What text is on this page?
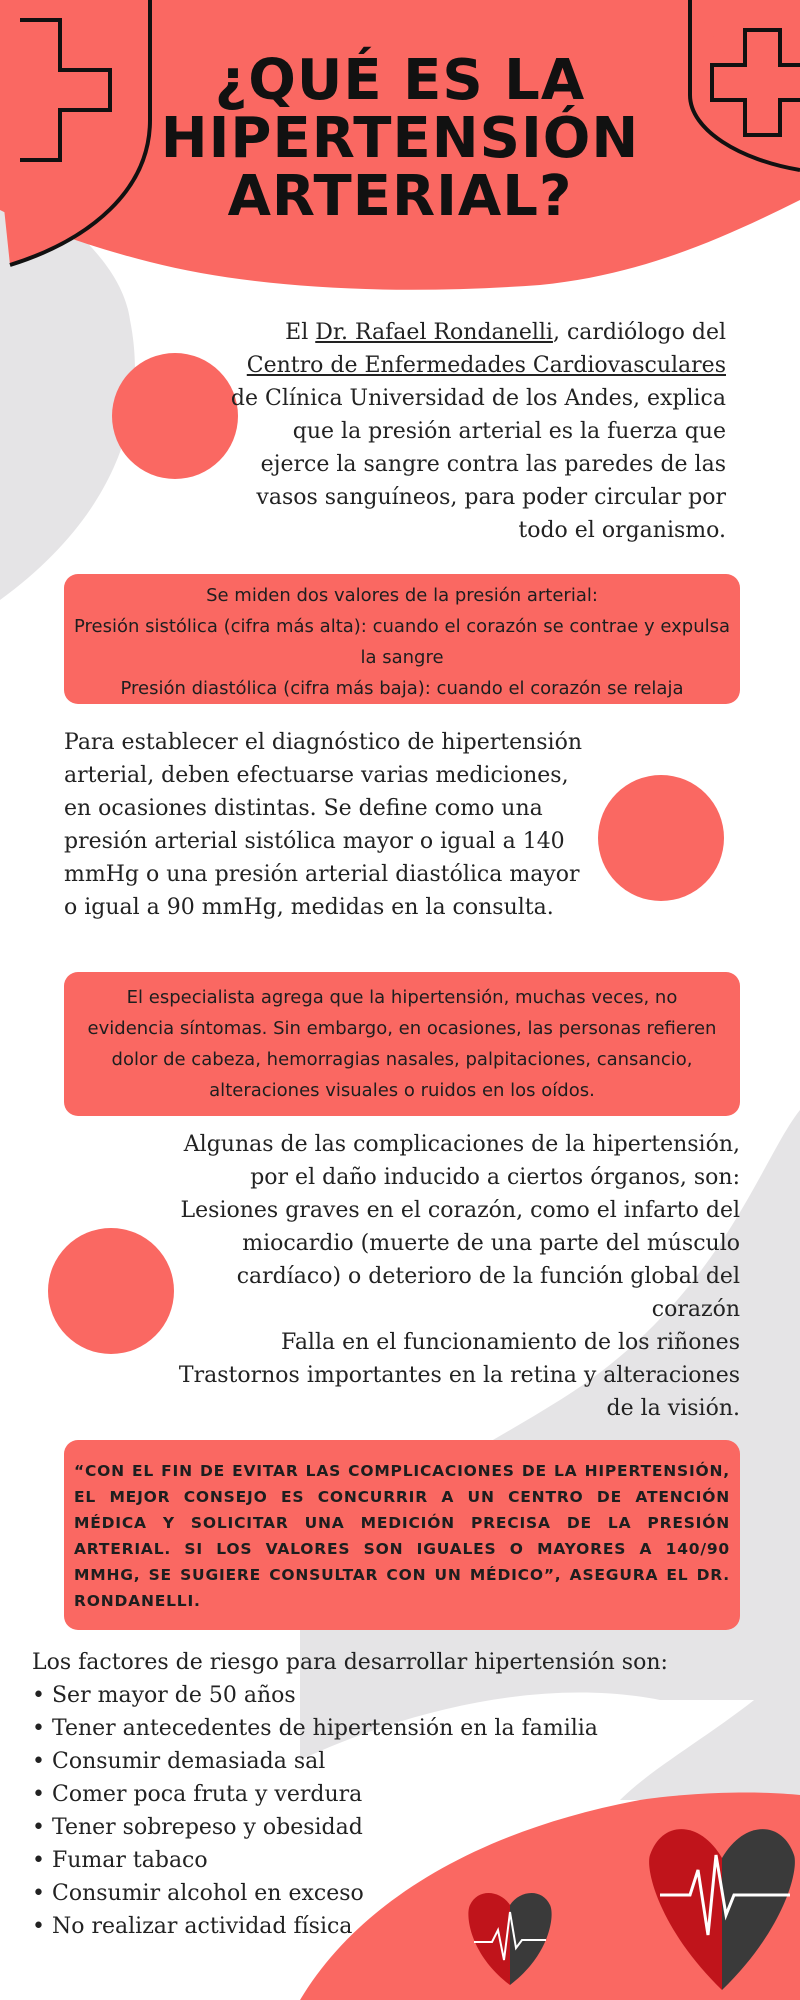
¿QUÉ ES LA
HIPERTENSIÓN
ARTERIAL?
El Dr. Rafael Rondanelli, cardiólogo del Centro de Enfermedades Cardiovasculares de Clínica Universidad de los Andes, explica que la presión arterial es la fuerza que ejerce la sangre contra las paredes de las vasos sanguíneos, para poder circular por todo el organismo.
Se miden dos valores de la presión arterial:
Presión sistólica (cifra más alta): cuando el corazón se contrae y expulsa la sangre
Presión diastólica (cifra más baja): cuando el corazón se relaja
Para establecer el diagnóstico de hipertensión arterial, deben efectuarse varias mediciones, en ocasiones distintas. Se define como una presión arterial sistólica mayor o igual a 140 mmHg o una presión arterial diastólica mayor o igual a 90 mmHg, medidas en la consulta.
El especialista agrega que la hipertensión, muchas veces, no evidencia síntomas. Sin embargo, en ocasiones, las personas refieren dolor de cabeza, hemorragias nasales, palpitaciones, cansancio, alteraciones visuales o ruidos en los oídos.
Algunas de las complicaciones de la hipertensión, por el daño inducido a ciertos órganos, son:
Lesiones graves en el corazón, como el infarto del miocardio (muerte de una parte del músculo cardíaco) o deterioro de la función global del corazón
Falla en el funcionamiento de los riñones
Trastornos importantes en la retina y alteraciones de la visión.
“CON EL FIN DE EVITAR LAS COMPLICACIONES DE LA HIPERTENSIÓN, EL MEJOR CONSEJO ES CONCURRIR A UN CENTRO DE ATENCIÓN MÉDICA Y SOLICITAR UNA MEDICIÓN PRECISA DE LA PRESIÓN ARTERIAL. SI LOS VALORES SON IGUALES O MAYORES A 140/90 MMHG, SE SUGIERE CONSULTAR CON UN MÉDICO”, ASEGURA EL DR. RONDANELLI.
Los factores de riesgo para desarrollar hipertensión son:
• Ser mayor de 50 años
• Tener antecedentes de hipertensión en la familia
• Consumir demasiada sal
• Comer poca fruta y verdura
• Tener sobrepeso y obesidad
• Fumar tabaco
• Consumir alcohol en exceso
• No realizar actividad física
